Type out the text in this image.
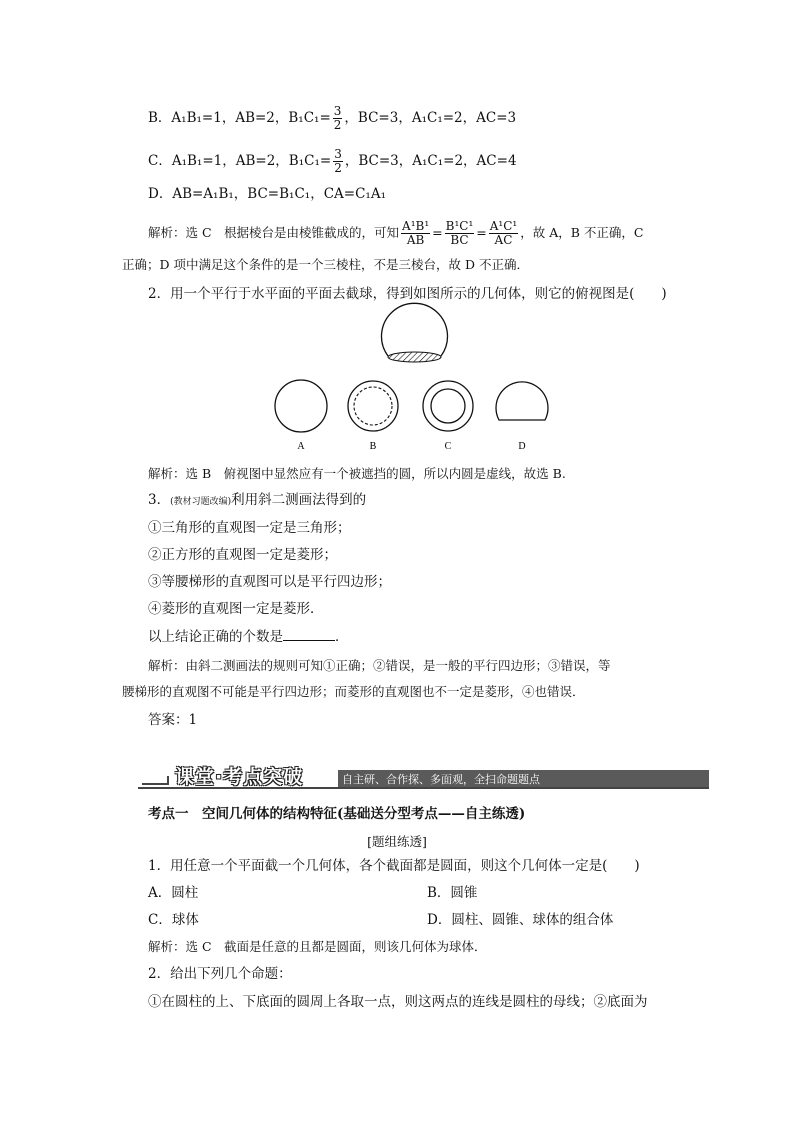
B．A₁B₁=1，AB=2，$B_1C_1= \frac{3}{2}$ ，BC=3，A₁C₁=2，AC=3
C．A₁B₁=1，AB=2，$B_1C_1= \frac{3}{2}$ ，BC=3，A₁C₁=2，AC=4
D．AB=A₁B₁，BC=B₁C₁，CA=C₁A₁
解析：选 C　根据棱台是由棱锥截成的，可知 $\frac{\text{A¹B¹}}{AB} = \frac{\text{B¹C¹}}{BC} = \frac{\text{A¹C¹}}{AC}$ ，故 A，B 不正确，C
正确；D 项中满足这个条件的是一个三棱柱，不是三棱台，故 D 不正确．
2．用一个平行于水平面的平面去截球，得到如图所示的几何体，则它的俯视图是(　　)
A	B	C	D
解析：选 B　俯视图中显然应有一个被遮挡的圆，所以内圆是虚线，故选 B.
3．(教材习题改编)利用斜二测画法得到的
①三角形的直观图一定是三角形；
②正方形的直观图一定是菱形；
③等腰梯形的直观图可以是平行四边形；
④菱形的直观图一定是菱形．
以上结论正确的个数是	．
解析：由斜二测画法的规则可知①正确；②错误，是一般的平行四边形；③错误，等
腰梯形的直观图不可能是平行四边形；而菱形的直观图也不一定是菱形，④也错误．
答案：1
课堂·考点突破	自主研、合作探、多面观，全扫命题题点
考点一　空间几何体的结构特征(基础送分型考点——自主练透)
[题组练透]
1．用任意一个平面截一个几何体，各个截面都是圆面，则这个几何体一定是(　　)
A．圆柱	B．圆锥
C．球体	D．圆柱、圆锥、球体的组合体
解析：选 C　截面是任意的且都是圆面，则该几何体为球体．
2．给出下列几个命题：
①在圆柱的上、下底面的圆周上各取一点，则这两点的连线是圆柱的母线；②底面为
